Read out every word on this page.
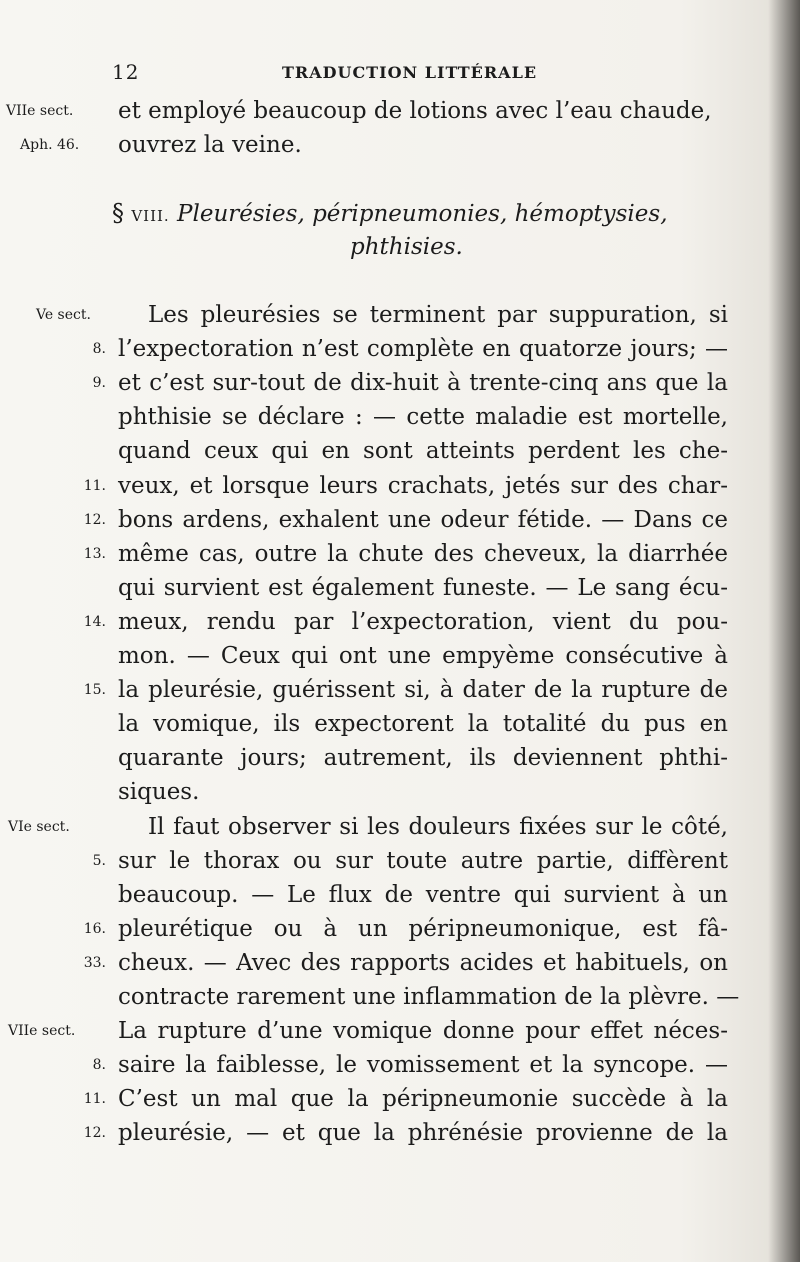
12	TRADUCTION LITTÉRALE
VIIe sect. et employé beaucoup de lotions avec l’eau chaude,
Aph. 46. ouvrez la veine.
§ VIII. Pleurésies, péripneumonies, hémoptysies,
phthisies.
Ve sect.	Les pleurésies se terminent par suppuration, si
8. l’expectoration n’est complète en quatorze jours; —
9. et c’est sur-tout de dix-huit à trente-cinq ans que la
phthisie se déclare : — cette maladie est mortelle,
quand ceux qui en sont atteints perdent les che-
11. veux, et lorsque leurs crachats, jetés sur des char-
12. bons ardens, exhalent une odeur fétide. — Dans ce
13. même cas, outre la chute des cheveux, la diarrhée
qui survient est également funeste. — Le sang écu-
14. meux, rendu par l’expectoration, vient du pou-
mon. — Ceux qui ont une empyème consécutive à
15. la pleurésie, guérissent si, à dater de la rupture de
la vomique, ils expectorent la totalité du pus en
quarante jours; autrement, ils deviennent phthi-
siques.
VIe sect.	Il faut observer si les douleurs fixées sur le côté,
5. sur le thorax ou sur toute autre partie, diffèrent
beaucoup. — Le flux de ventre qui survient à un
16. pleurétique ou à un péripneumonique, est fâ-
33. cheux. — Avec des rapports acides et habituels, on
contracte rarement une inflammation de la plèvre. —
VIIe sect. La rupture d’une vomique donne pour effet néces-
8. saire la faiblesse, le vomissement et la syncope. —
11. C’est un mal que la péripneumonie succède à la
12. pleurésie, — et que la phrénésie provienne de la
